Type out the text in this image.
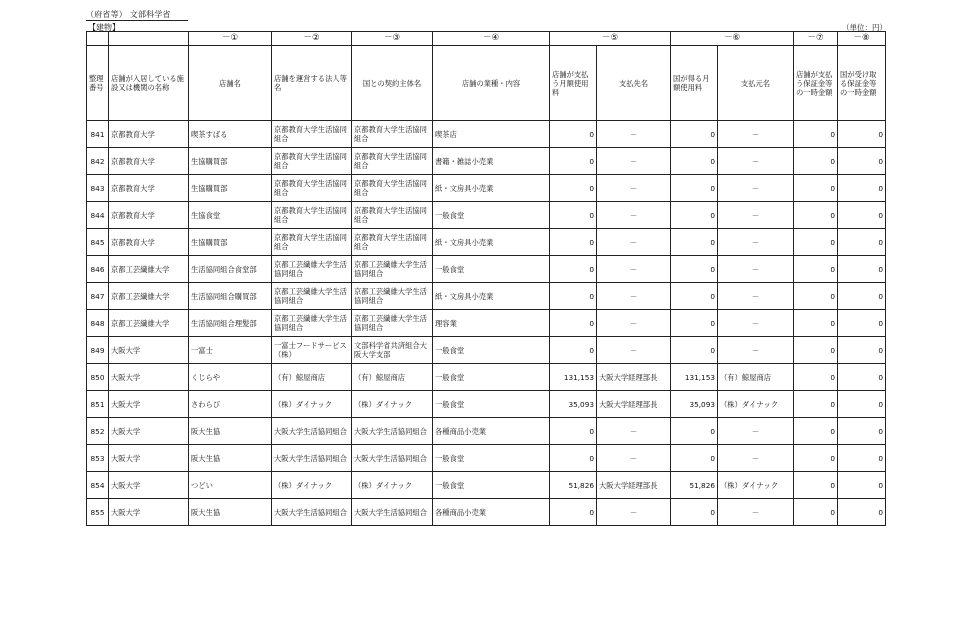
（府省等） 文部科学省
【建物】	（単位：円）
		－①	－②	－③	－④	－⑤		－⑥		－⑦	－⑧
整理番号	店舗が入居している施設又は機関の名称	店舗名	店舗を運営する法人等名	国との契約主体名	店舗の業種・内容	店舗が支払う月額使用料	支払先名	国が得る月額使用料	支払元名	店舗が支払う保証金等の一時金額	国が受け取る保証金等の一時金額
841	京都教育大学	喫茶すばる	京都教育大学生活協同組合	京都教育大学生活協同組合	喫茶店	0	－	0	－	0	0
842	京都教育大学	生協購買部	京都教育大学生活協同組合	京都教育大学生活協同組合	書籍・雑誌小売業	0	－	0	－	0	0
843	京都教育大学	生協購買部	京都教育大学生活協同組合	京都教育大学生活協同組合	紙・文房具小売業	0	－	0	－	0	0
844	京都教育大学	生協食堂	京都教育大学生活協同組合	京都教育大学生活協同組合	一般食堂	0	－	0	－	0	0
845	京都教育大学	生協購買部	京都教育大学生活協同組合	京都教育大学生活協同組合	紙・文房具小売業	0	－	0	－	0	0
846	京都工芸繊維大学	生活協同組合食堂部	京都工芸繊維大学生活協同組合	京都工芸繊維大学生活協同組合	一般食堂	0	－	0	－	0	0
847	京都工芸繊維大学	生活協同組合購買部	京都工芸繊維大学生活協同組合	京都工芸繊維大学生活協同組合	紙・文房具小売業	0	－	0	－	0	0
848	京都工芸繊維大学	生活協同組合理髪部	京都工芸繊維大学生活協同組合	京都工芸繊維大学生活協同組合	理容業	0	－	0	－	0	0
849	大阪大学	一富士	一富士フードサービス（株）	文部科学省共済組合大阪大学支部	一般食堂	0	－	0	－	0	0
850	大阪大学	くじらや	（有）鯨屋商店	（有）鯨屋商店	一般食堂	131,153	大阪大学経理部長	131,153	（有）鯨屋商店	0	0
851	大阪大学	さわらび	（株）ダイナック	（株）ダイナック	一般食堂	35,093	大阪大学経理部長	35,093	（株）ダイナック	0	0
852	大阪大学	阪大生協	大阪大学生活協同組合	大阪大学生活協同組合	各種商品小売業	0	－	0	－	0	0
853	大阪大学	阪大生協	大阪大学生活協同組合	大阪大学生活協同組合	一般食堂	0	－	0	－	0	0
854	大阪大学	つどい	（株）ダイナック	（株）ダイナック	一般食堂	51,826	大阪大学経理部長	51,826	（株）ダイナック	0	0
855	大阪大学	阪大生協	大阪大学生活協同組合	大阪大学生活協同組合	各種商品小売業	0	－	0	－	0	0
